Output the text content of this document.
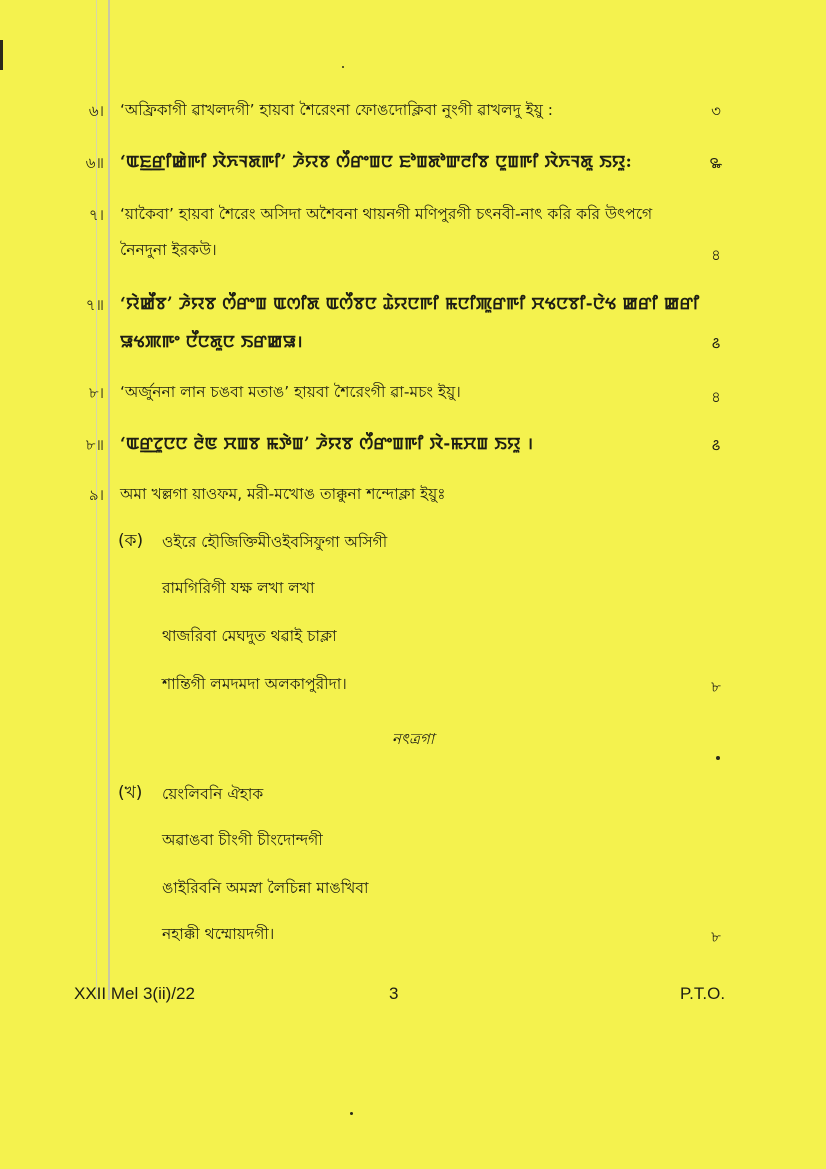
৬। ‘অফ্রিকাগী ৱাখলদগী’ হায়বা শৈরেংনা ফোঙদোক্লিবা নুংগী ৱাখলদু ইয়ু :	৩
৬॥ ‘ꯑꯐ꯭ꯔꯤꯀꯥꯒꯤ ꯋꯥꯈꯜꯗꯒꯤ’ ꯍꯥꯌꯕ ꯁꯩꯔꯦꯡꯅ ꯐꯣꯡꯗꯣꯛꯂꯤꯕ ꯅꯨꯡꯒꯤ ꯋꯥꯈꯜꯗꯨ ꯏꯌꯨ:	꯳
৭। ‘য়াকৈবা’ হায়বা শৈরেং অসিদা অশৈবনা থায়নগী মণিপুরগী চৎনবী-নাৎ করি করি উৎপগে
নৈনদুনা ইরকউ।	৪
৭॥ ‘ꯌꯥꯀꯩꯕ’ ꯍꯥꯌꯕ ꯁꯩꯔꯦꯡ ꯑꯁꯤꯗ ꯑꯁꯩꯕꯅ ꯊꯥꯌꯅꯒꯤ ꯃꯅꯤꯄꯨꯔꯒꯤ ꯆꯠꯅꯕꯤ-ꯅꯥꯠ ꯀꯔꯤ ꯀꯔꯤ
ꯎꯠꯄꯒꯦ ꯅꯩꯅꯗꯨꯅ ꯏꯔꯀꯎ।	꯴
৮। ‘অর্জুননা লান চঙবা মতাঙ’ হায়বা শৈরেংগী ৱা-মচং ইয়ু।	৪
৮॥ ‘ꯑꯔ꯭ꯖꯨꯅꯅ ꯂꯥꯟ ꯆꯡꯕ ꯃꯇꯥꯡ’ ꯍꯥꯌꯕ ꯁꯩꯔꯦꯡꯒꯤ ꯋꯥ-ꯃꯆꯡ ꯏꯌꯨ ।	꯴
৯। অমা খল্লগা য়াওফম, মরী-মখোঙ তাক্কুনা শন্দোক্লা ইয়ুঃ
(ক) ওইরে হৌজিক্তিমীওইবসিফুগা অসিগী
রামগিরিগী যক্ষ লখা লখা
থাজরিবা মেঘদুত থৱাই চাক্লা
শান্তিগী লমদমদা অলকাপুরীদা।	৮
নৎত্রগা
(খ) য়েংলিবনি ঐহাক
অৱাঙবা চীংগী চীংদোন্দগী
ঙাইরিবনি অমস্না লৈচিন্না মাঙখিবা
নহাক্কী থম্মোয়দগী।	৮
XXII Mel 3(ii)/22	3	P.T.O.
